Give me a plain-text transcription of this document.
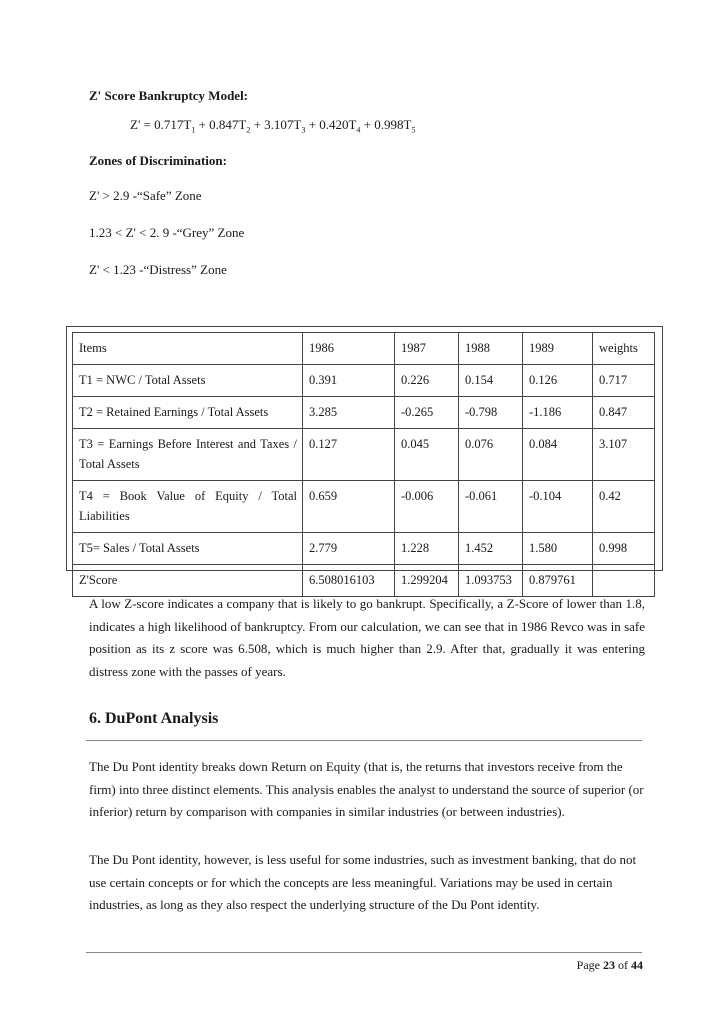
Z' Score Bankruptcy Model:
$Z' = 0.717T_1 + 0.847T_2 + 3.107T_3 + 0.420T_4 + 0.998T_5$
Zones of Discrimination:
Z' > 2.9 -“Safe” Zone
1.23 < Z' < 2. 9 -“Grey” Zone
Z' < 1.23 -“Distress” Zone
Items	1986	1987	1988	1989	weights
T1 = NWC / Total Assets	0.391	0.226	0.154	0.126	0.717
T2 = Retained Earnings / Total Assets	3.285	-0.265	-0.798	-1.186	0.847
T3 = Earnings Before Interest and Taxes / Total Assets	0.127	0.045	0.076	0.084	3.107
T4 = Book Value of Equity / Total Liabilities	0.659	-0.006	-0.061	-0.104	0.42
T5= Sales / Total Assets	2.779	1.228	1.452	1.580	0.998
Z'Score	6.508016103	1.299204	1.093753	0.879761	
A low Z-score indicates a company that is likely to go bankrupt. Specifically, a Z-Score of lower than 1.8, indicates a high likelihood of bankruptcy. From our calculation, we can see that in 1986 Revco was in safe position as its z score was 6.508, which is much higher than 2.9. After that, gradually it was entering distress zone with the passes of years.
6. DuPont Analysis
The Du Pont identity breaks down Return on Equity (that is, the returns that investors receive from the firm) into three distinct elements. This analysis enables the analyst to understand the source of superior (or inferior) return by comparison with companies in similar industries (or between industries).
The Du Pont identity, however, is less useful for some industries, such as investment banking, that do not use certain concepts or for which the concepts are less meaningful. Variations may be used in certain industries, as long as they also respect the underlying structure of the Du Pont identity.
Page 23 of 44
